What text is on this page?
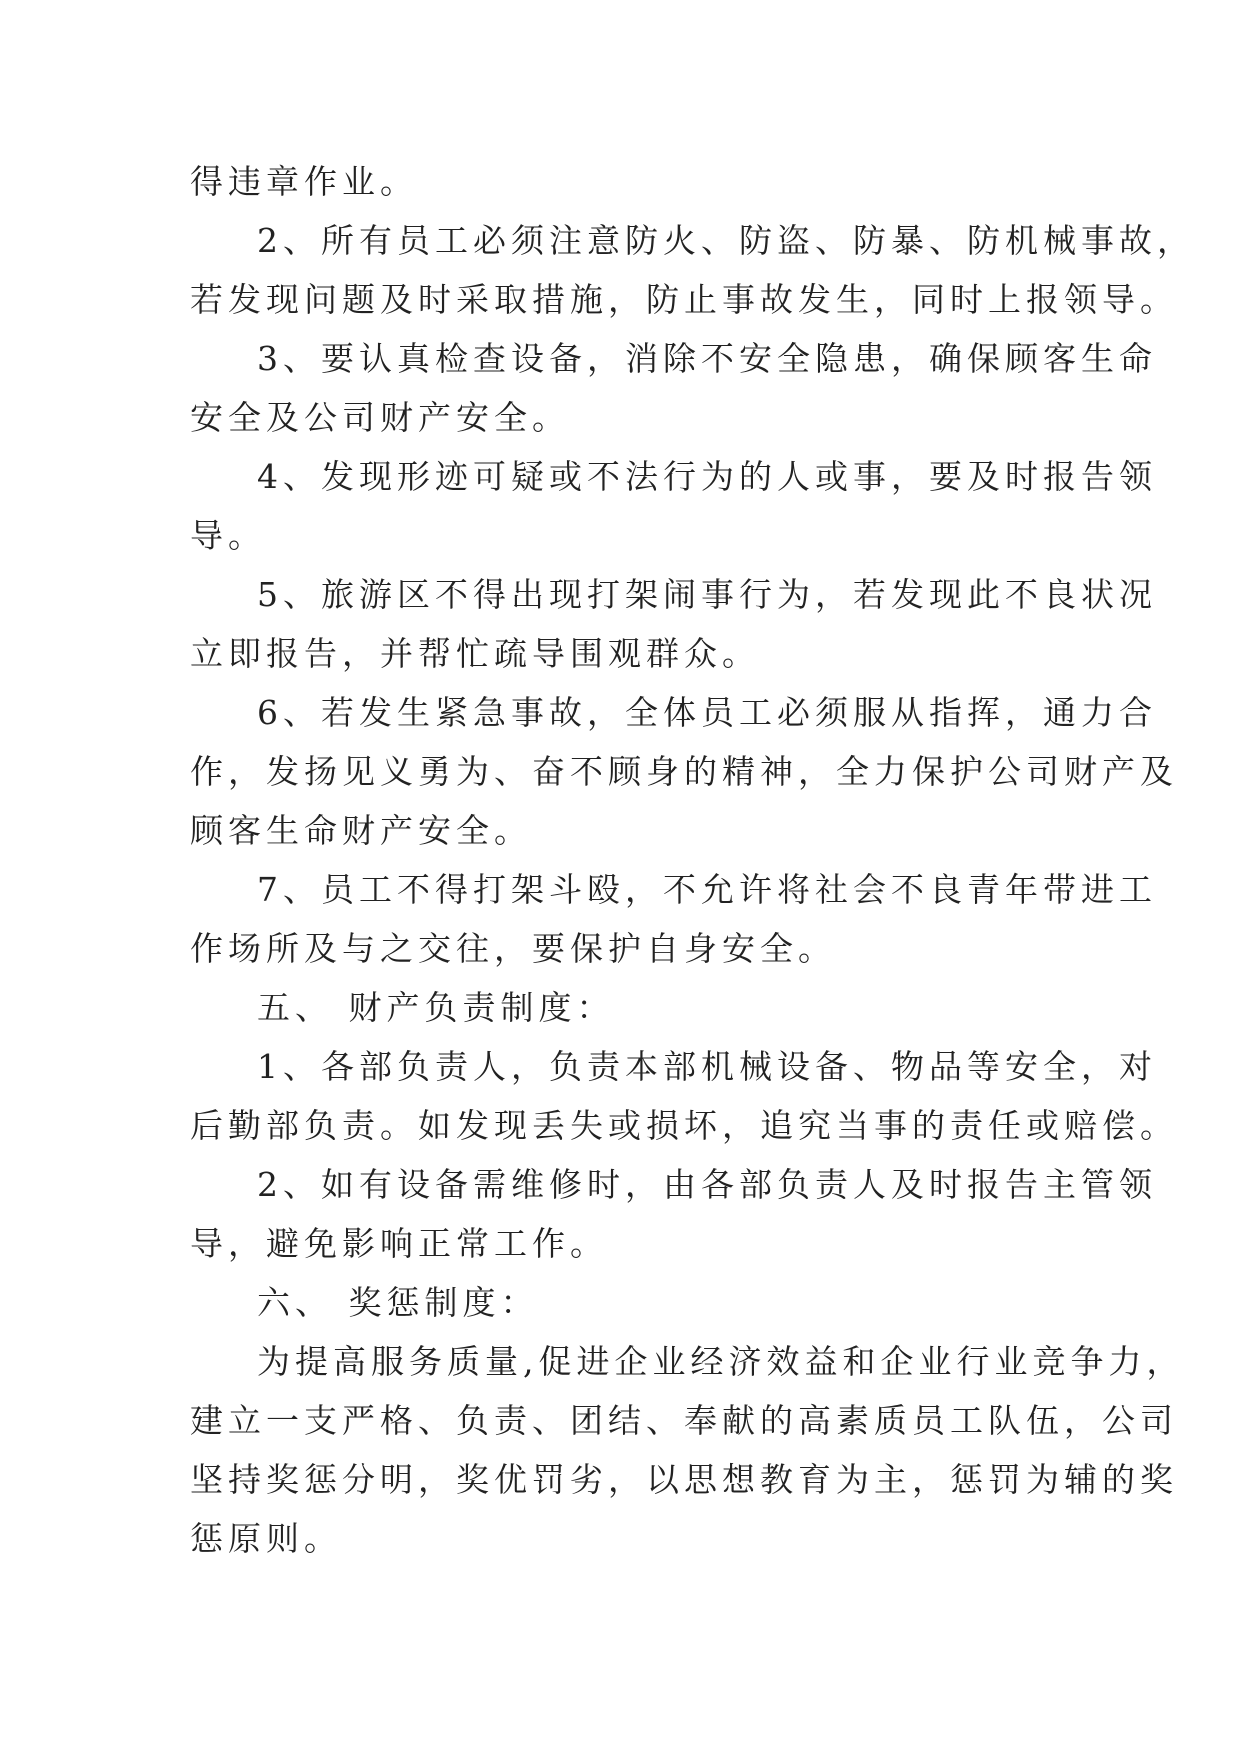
得违章作业。
2、所有员工必须注意防火、防盗、防暴、防机械事故，
若发现问题及时采取措施，防止事故发生，同时上报领导。
3、要认真检查设备，消除不安全隐患，确保顾客生命
安全及公司财产安全。
4、发现形迹可疑或不法行为的人或事，要及时报告领
导。
5、旅游区不得出现打架闹事行为，若发现此不良状况
立即报告，并帮忙疏导围观群众。
6、若发生紧急事故，全体员工必须服从指挥，通力合
作，发扬见义勇为、奋不顾身的精神，全力保护公司财产及
顾客生命财产安全。
7、员工不得打架斗殴，不允许将社会不良青年带进工
作场所及与之交往，要保护自身安全。
五、 财产负责制度：
1、各部负责人，负责本部机械设备、物品等安全，对
后勤部负责。如发现丢失或损坏，追究当事的责任或赔偿。
2、如有设备需维修时，由各部负责人及时报告主管领
导，避免影响正常工作。
六、 奖惩制度：
为提高服务质量,促进企业经济效益和企业行业竞争力，
建立一支严格、负责、团结、奉献的高素质员工队伍，公司
坚持奖惩分明，奖优罚劣，以思想教育为主，惩罚为辅的奖
惩原则。
